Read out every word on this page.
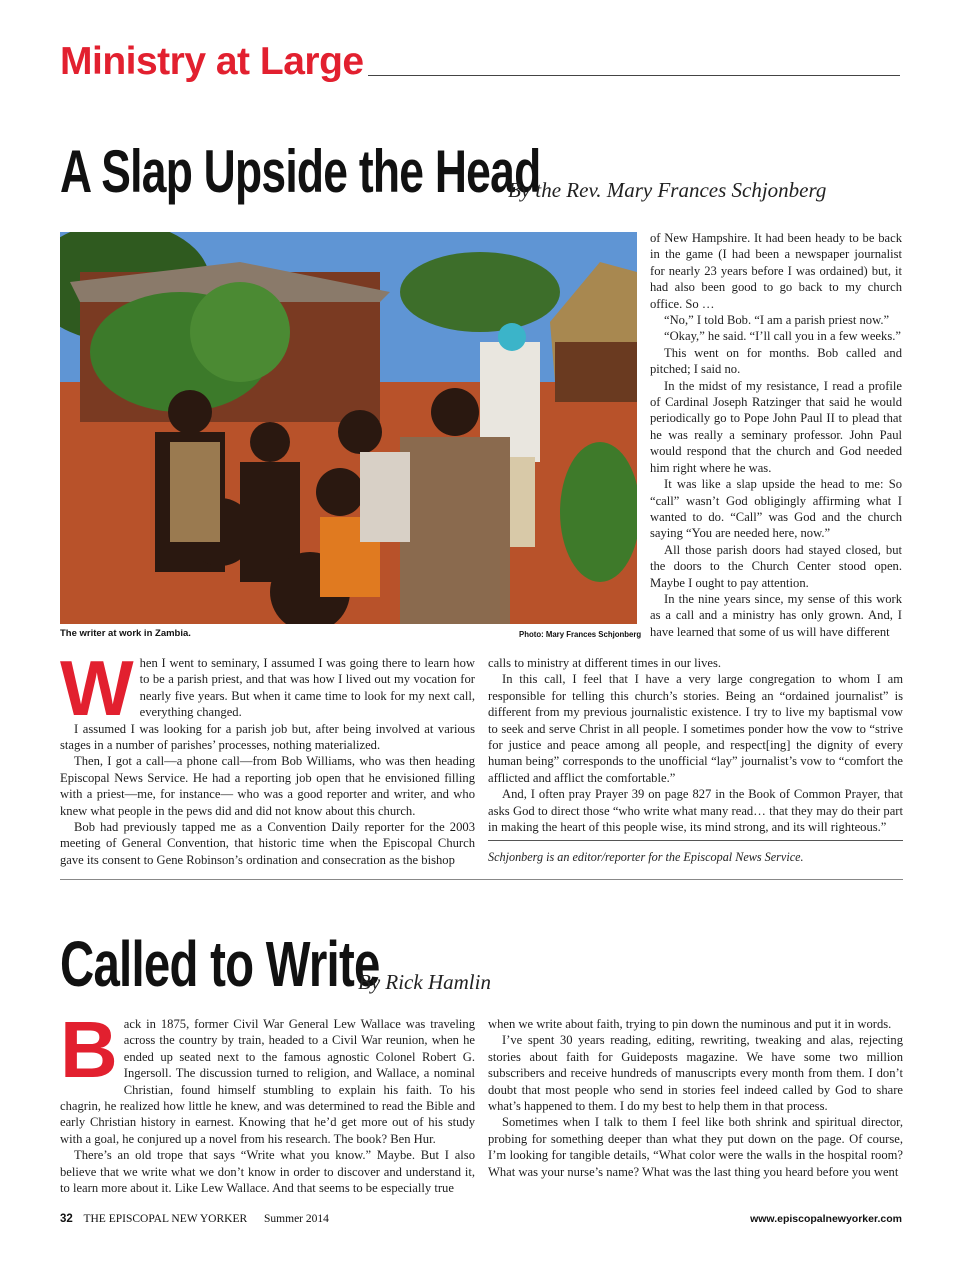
Ministry at Large
A Slap Upside the Head
By the Rev. Mary Frances Schjonberg
The writer at work in Zambia.	Photo: Mary Frances Schjonberg
W hen I went to seminary, I assumed I was going there to learn how to be a parish priest, and that was how I lived out my vocation for nearly five years. But when it came time to look for my next call, everything changed.

I assumed I was looking for a parish job but, after being involved at various stages in a number of parishes’ processes, nothing materialized.

Then, I got a call—a phone call—from Bob Williams, who was then heading Episcopal News Service. He had a reporting job open that he envisioned filling with a priest—me, for instance— who was a good reporter and writer, and who knew what people in the pews did and did not know about this church.

Bob had previously tapped me as a Convention Daily reporter for the 2003 meeting of General Convention, that historic time when the Episcopal Church gave its consent to Gene Robinson’s ordination and consecration as the bishop

of New Hampshire. It had been heady to be back in the game (I had been a newspaper journalist for nearly 23 years before I was ordained) but, it had also been good to go back to my church office. So …

“No,” I told Bob. “I am a parish priest now.”

“Okay,” he said. “I’ll call you in a few weeks.”

This went on for months. Bob called and pitched; I said no.

In the midst of my resistance, I read a profile of Cardinal Joseph Ratzinger that said he would periodically go to Pope John Paul II to plead that he was really a seminary professor. John Paul would respond that the church and God needed him right where he was.

It was like a slap upside the head to me: So “call” wasn’t God obligingly affirming what I wanted to do. “Call” was God and the church saying “You are needed here, now.”

All those parish doors had stayed closed, but the doors to the Church Center stood open. Maybe I ought to pay attention.

In the nine years since, my sense of this work as a call and a ministry has only grown. And, I have learned that some of us will have different

calls to ministry at different times in our lives.

In this call, I feel that I have a very large congregation to whom I am responsible for telling this church’s stories. Being an “ordained journalist” is different from my previous journalistic existence. I try to live my baptismal vow to seek and serve Christ in all people. I sometimes ponder how the vow to “strive for justice and peace among all people, and respect[ing] the dignity of every human being” corresponds to the unofficial “lay” journalist’s vow to “comfort the afflicted and afflict the comfortable.”

And, I often pray Prayer 39 on page 827 in the Book of Common Prayer, that asks God to direct those “who write what many read… that they may do their part in making the heart of this people wise, its mind strong, and its will righteous.”

Schjonberg is an editor/reporter for the Episcopal News Service.
Called to Write
By Rick Hamlin
B ack in 1875, former Civil War General Lew Wallace was traveling across the country by train, headed to a Civil War reunion, when he ended up seated next to the famous agnostic Colonel Robert G. Ingersoll. The discussion turned to religion, and Wallace, a nominal Christian, found himself stumbling to explain his faith. To his chagrin, he realized how little he knew, and was determined to read the Bible and early Christian history in earnest. Knowing that he’d get more out of his study with a goal, he conjured up a novel from his research. The book? Ben Hur.

There’s an old trope that says “Write what you know.” Maybe. But I also believe that we write what we don’t know in order to discover and understand it, to learn more about it. Like Lew Wallace. And that seems to be especially true

when we write about faith, trying to pin down the numinous and put it in words.

I’ve spent 30 years reading, editing, rewriting, tweaking and alas, rejecting stories about faith for Guideposts magazine. We have some two million subscribers and receive hundreds of manuscripts every month from them. I don’t doubt that most people who send in stories feel indeed called by God to share what’s happened to them. I do my best to help them in that process.

Sometimes when I talk to them I feel like both shrink and spiritual director, probing for something deeper than what they put down on the page. Of course, I’m looking for tangible details, “What color were the walls in the hospital room? What was your nurse’s name? What was the last thing you heard before you went

32 THE EPISCOPAL NEW YORKER Summer 2014	www.episcopalnewyorker.com
